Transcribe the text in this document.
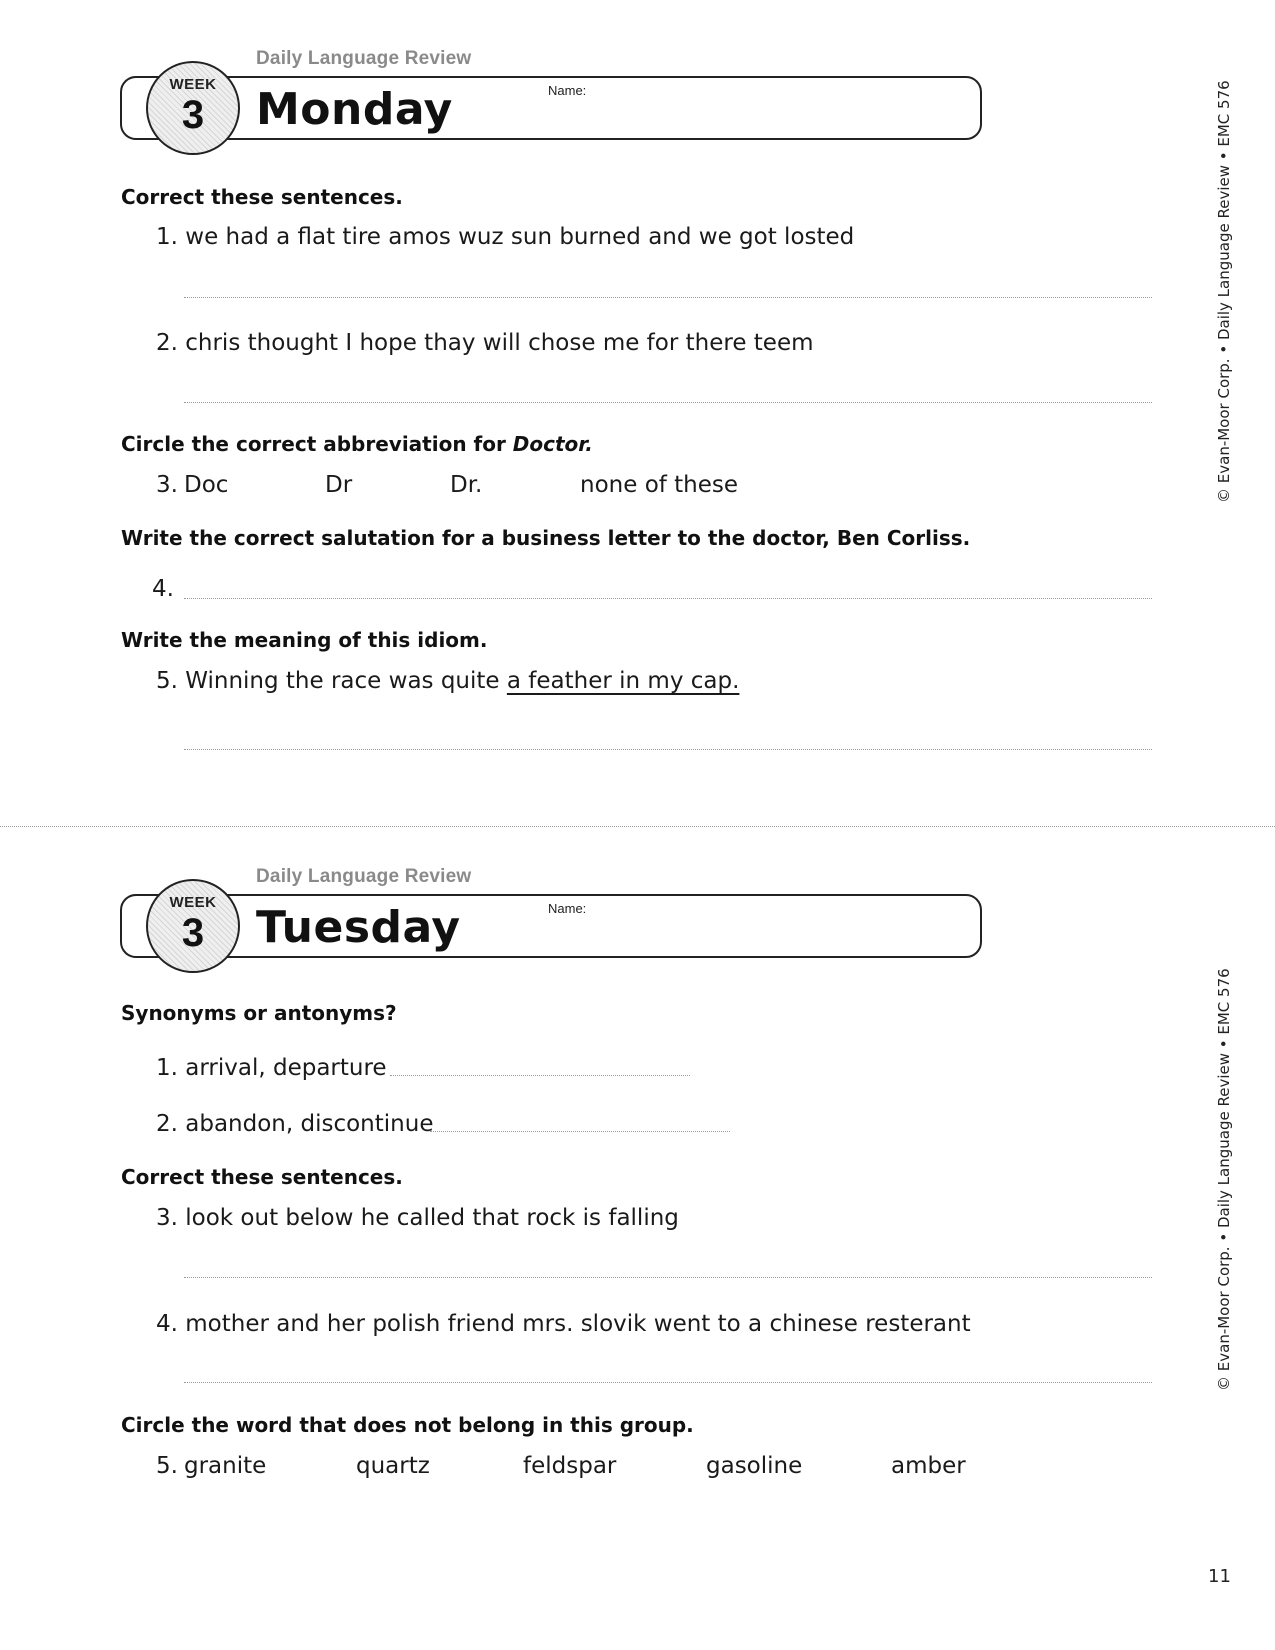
Daily Language Review
WEEK
3	Monday	Name:
Correct these sentences.
1. we had a flat tire amos wuz sun burned and we got losted
2. chris thought I hope thay will chose me for there teem
Circle the correct abbreviation for Doctor.
3. Doc	Dr	Dr.	none of these
Write the correct salutation for a business letter to the doctor, Ben Corliss.
4.
Write the meaning of this idiom.
5. Winning the race was quite a feather in my cap.
© Evan-Moor Corp. • Daily Language Review • EMC 576
Daily Language Review
WEEK
3	Tuesday	Name:
Synonyms or antonyms?
1. arrival, departure
2. abandon, discontinue
Correct these sentences.
3. look out below he called that rock is falling
4. mother and her polish friend mrs. slovik went to a chinese resterant
Circle the word that does not belong in this group.
5. granite	quartz	feldspar	gasoline	amber
© Evan-Moor Corp. • Daily Language Review • EMC 576
11
